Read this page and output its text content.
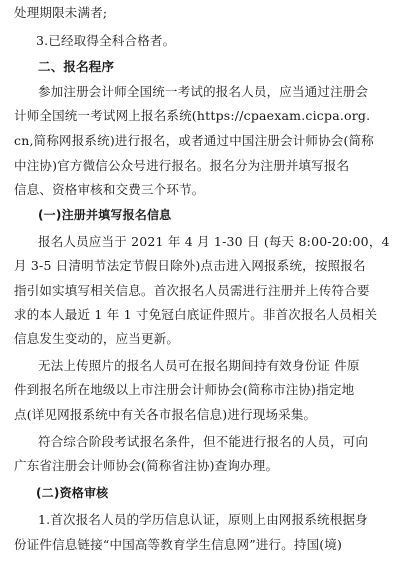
处理期限未满者;
3.已经取得全科合格者。
二、报名程序
参加注册会计师全国统一考试的报名人员，应当通过注册会
计师全国统一考试网上报名系统(https://cpaexam.cicpa.org.
cn,简称网报系统)进行报名，或者通过中国注册会计师协会(简称
中注协)官方微信公众号进行报名。报名分为注册并填写报名
信息、资格审核和交费三个环节。
(一)注册并填写报名信息
报名人员应当于 2021 年 4 月 1-30 日 (每天 8:00-20:00，4
月 3-5 日清明节法定节假日除外)点击进入网报系统，按照报名
指引如实填写相关信息。首次报名人员需进行注册并上传符合要
求的本人最近 1 年 1 寸免冠白底证件照片。非首次报名人员相关
信息发生变动的，应当更新。
无法上传照片的报名人员可在报名期间持有效身份证 件原
件到报名所在地级以上市注册会计师协会(简称市注协)指定地
点(详见网报系统中有关各市报名信息)进行现场采集。
符合综合阶段考试报名条件，但不能进行报名的人员，可向
广东省注册会计师协会(简称省注协)查询办理。
(二)资格审核
1.首次报名人员的学历信息认证，原则上由网报系统根据身
份证件信息链接“中国高等教育学生信息网”进行。持国(境)
